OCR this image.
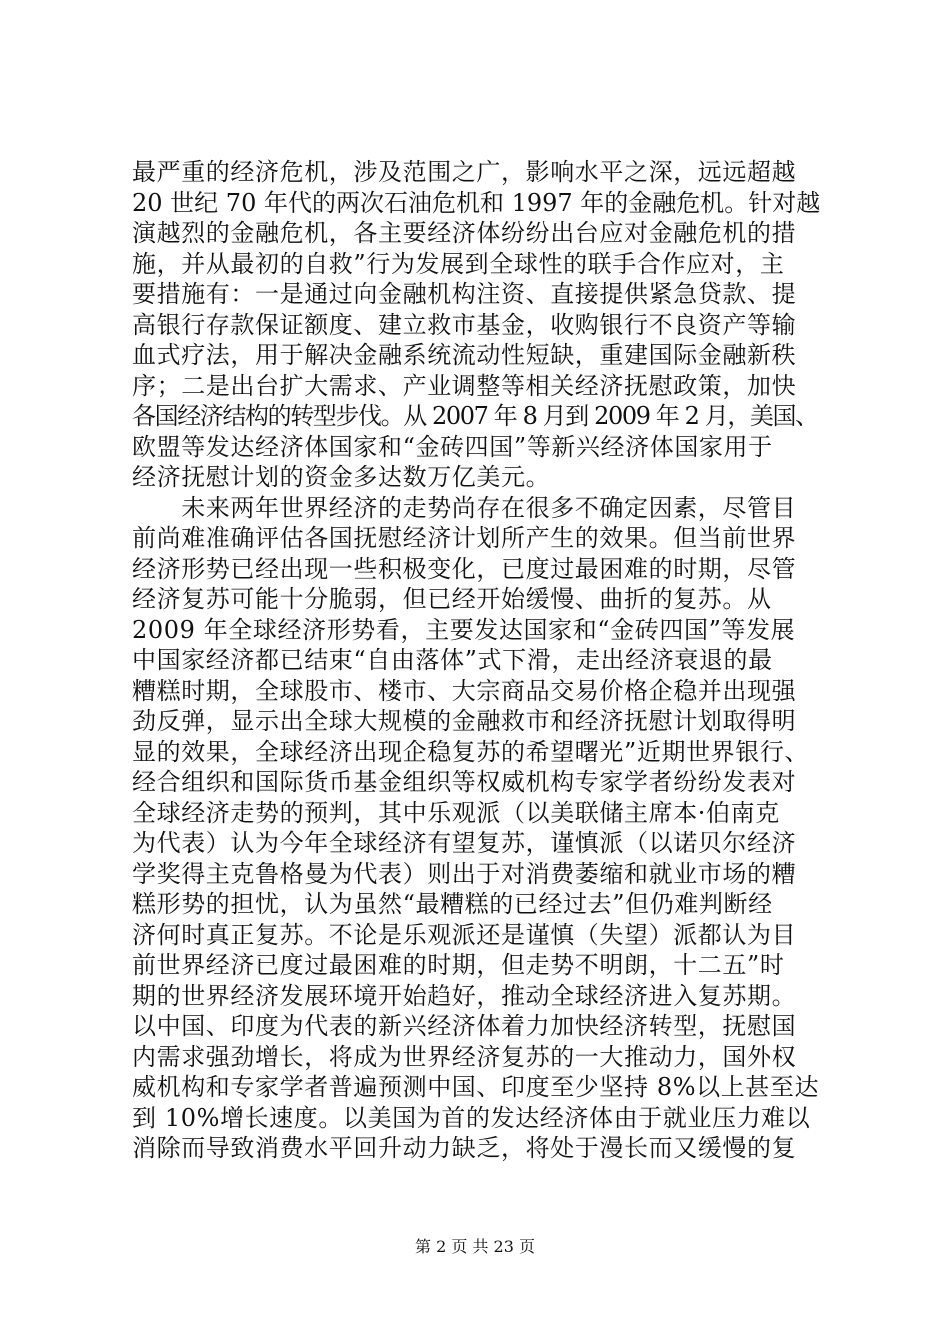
最严重的经济危机，涉及范围之广，影响水平之深，远远超越
20 世纪 70 年代的两次石油危机和 1997 年的金融危机。针对越
演越烈的金融危机，各主要经济体纷纷出台应对金融危机的措
施，并从最初的自救”行为发展到全球性的联手合作应对，主
要措施有：一是通过向金融机构注资、直接提供紧急贷款、提
高银行存款保证额度、建立救市基金，收购银行不良资产等输
血式疗法，用于解决金融系统流动性短缺，重建国际金融新秩
序；二是出台扩大需求、产业调整等相关经济抚慰政策，加快
各国经济结构的转型步伐。从 2007 年 8 月到 2009 年 2 月，美国、
欧盟等发达经济体国家和“金砖四国”等新兴经济体国家用于
经济抚慰计划的资金多达数万亿美元。
　　未来两年世界经济的走势尚存在很多不确定因素，尽管目
前尚难准确评估各国抚慰经济计划所产生的效果。但当前世界
经济形势已经出现一些积极变化，已度过最困难的时期，尽管
经济复苏可能十分脆弱，但已经开始缓慢、曲折的复苏。从
2009 年全球经济形势看，主要发达国家和“金砖四国”等发展
中国家经济都已结束“自由落体”式下滑，走出经济衰退的最
糟糕时期，全球股市、楼市、大宗商品交易价格企稳并出现强
劲反弹，显示出全球大规模的金融救市和经济抚慰计划取得明
显的效果，全球经济出现企稳复苏的希望曙光”近期世界银行、
经合组织和国际货币基金组织等权威机构专家学者纷纷发表对
全球经济走势的预判，其中乐观派（以美联储主席本·伯南克
为代表）认为今年全球经济有望复苏，谨慎派（以诺贝尔经济
学奖得主克鲁格曼为代表）则出于对消费萎缩和就业市场的糟
糕形势的担忧，认为虽然“最糟糕的已经过去”但仍难判断经
济何时真正复苏。不论是乐观派还是谨慎（失望）派都认为目
前世界经济已度过最困难的时期，但走势不明朗，十二五”时
期的世界经济发展环境开始趋好，推动全球经济进入复苏期。
以中国、印度为代表的新兴经济体着力加快经济转型，抚慰国
内需求强劲增长，将成为世界经济复苏的一大推动力，国外权
威机构和专家学者普遍预测中国、印度至少坚持 8%以上甚至达
到 10%增长速度。以美国为首的发达经济体由于就业压力难以
消除而导致消费水平回升动力缺乏，将处于漫长而又缓慢的复
第 2 页 共 23 页
